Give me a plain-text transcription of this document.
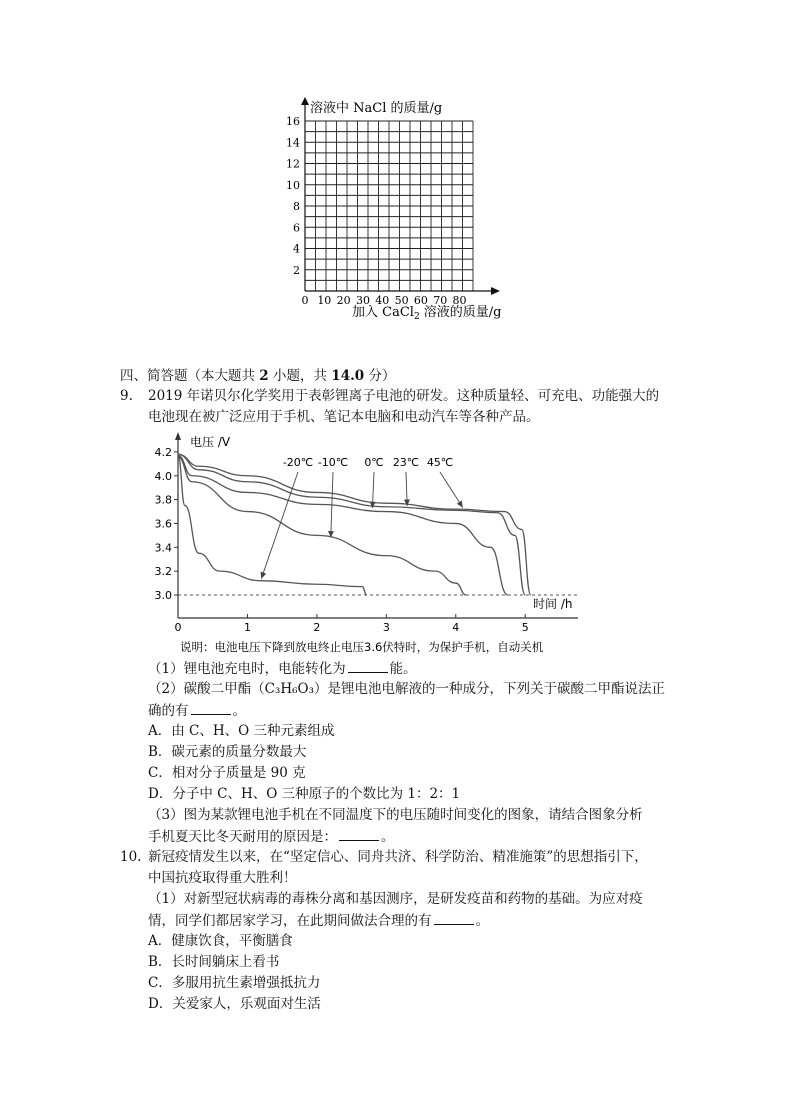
2
4
6
8
10
12
14
16
0 10 20 30 40 50 60 70 80
溶液中 NaCl 的质量/g
加入 CaCl$_2$ 溶液的质量/g
四、简答题（本大题共 2 小题，共 14.0 分）
9. 2019 年诺贝尔化学奖用于表彰锂离子电池的研发。这种质量轻、可充电、功能强大的
电池现在被广泛应用于手机、笔记本电脑和电动汽车等各种产品。
3.0
3.2
3.4
3.6
3.8
4.0
4.2
0	1	2	3	4	5
-20℃ -10℃ 0℃ 23℃ 45℃
电压 /V
时间 /h
说明：电池电压下降到放电终止电压3.6伏特时，为保护手机，自动关机
（1）锂电池充电时，电能转化为	能。
（2）碳酸二甲酯（C₃H₆O₃）是锂电池电解液的一种成分，下列关于碳酸二甲酯说法正
确的有	。
A．由 C、H、O 三种元素组成
B．碳元素的质量分数最大
C．相对分子质量是 90 克
D．分子中 C、H、O 三种原子的个数比为 1：2：1
（3）图为某款锂电池手机在不同温度下的电压随时间变化的图象，请结合图象分析
手机夏天比冬天耐用的原因是：	。
10. 新冠疫情发生以来，在“坚定信心、同舟共济、科学防治、精准施策”的思想指引下，
中国抗疫取得重大胜利！
（1）对新型冠状病毒的毒株分离和基因测序，是研发疫苗和药物的基础。为应对疫
情，同学们都居家学习，在此期间做法合理的有	。
A．健康饮食，平衡膳食
B．长时间躺床上看书
C．多服用抗生素增强抵抗力
D．关爱家人，乐观面对生活
